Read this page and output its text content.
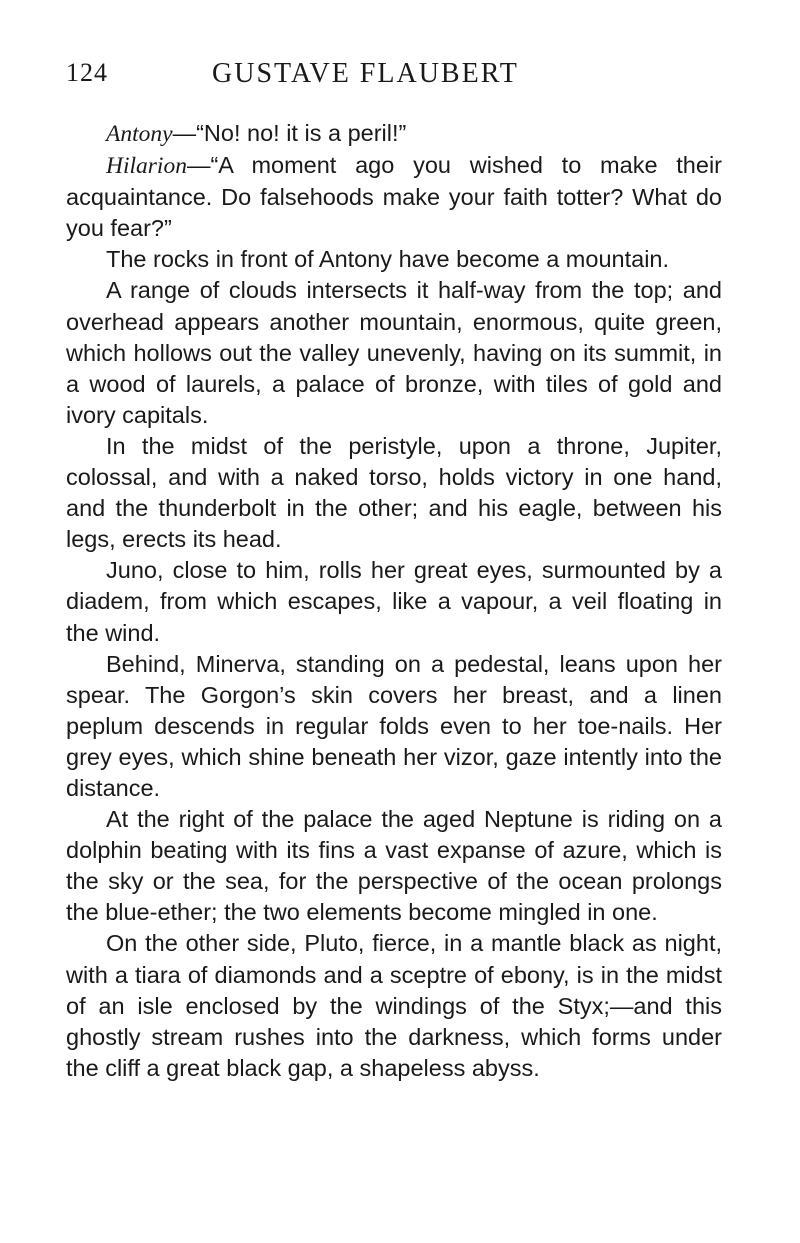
124	GUSTAVE FLAUBERT

Antony—“No! no! it is a peril!”

Hilarion—“A moment ago you wished to make their acquaintance. Do falsehoods make your faith totter? What do you fear?”

The rocks in front of Antony have become a mountain.

A range of clouds intersects it half-way from the top; and overhead appears another mountain, enormous, quite green, which hollows out the valley unevenly, having on its summit, in a wood of laurels, a palace of bronze, with tiles of gold and ivory capitals.

In the midst of the peristyle, upon a throne, Jupiter, colossal, and with a naked torso, holds victory in one hand, and the thunderbolt in the other; and his eagle, between his legs, erects its head.

Juno, close to him, rolls her great eyes, surmounted by a diadem, from which escapes, like a vapour, a veil floating in the wind.

Behind, Minerva, standing on a pedestal, leans upon her spear. The Gorgon’s skin covers her breast, and a linen peplum descends in regular folds even to her toe-nails. Her grey eyes, which shine beneath her vizor, gaze intently into the distance.

At the right of the palace the aged Neptune is riding on a dolphin beating with its fins a vast expanse of azure, which is the sky or the sea, for the perspective of the ocean prolongs the blue-ether; the two elements become mingled in one.

On the other side, Pluto, fierce, in a mantle black as night, with a tiara of diamonds and a sceptre of ebony, is in the midst of an isle enclosed by the windings of the Styx;—and this ghostly stream rushes into the darkness, which forms under the cliff a great black gap, a shapeless abyss.
